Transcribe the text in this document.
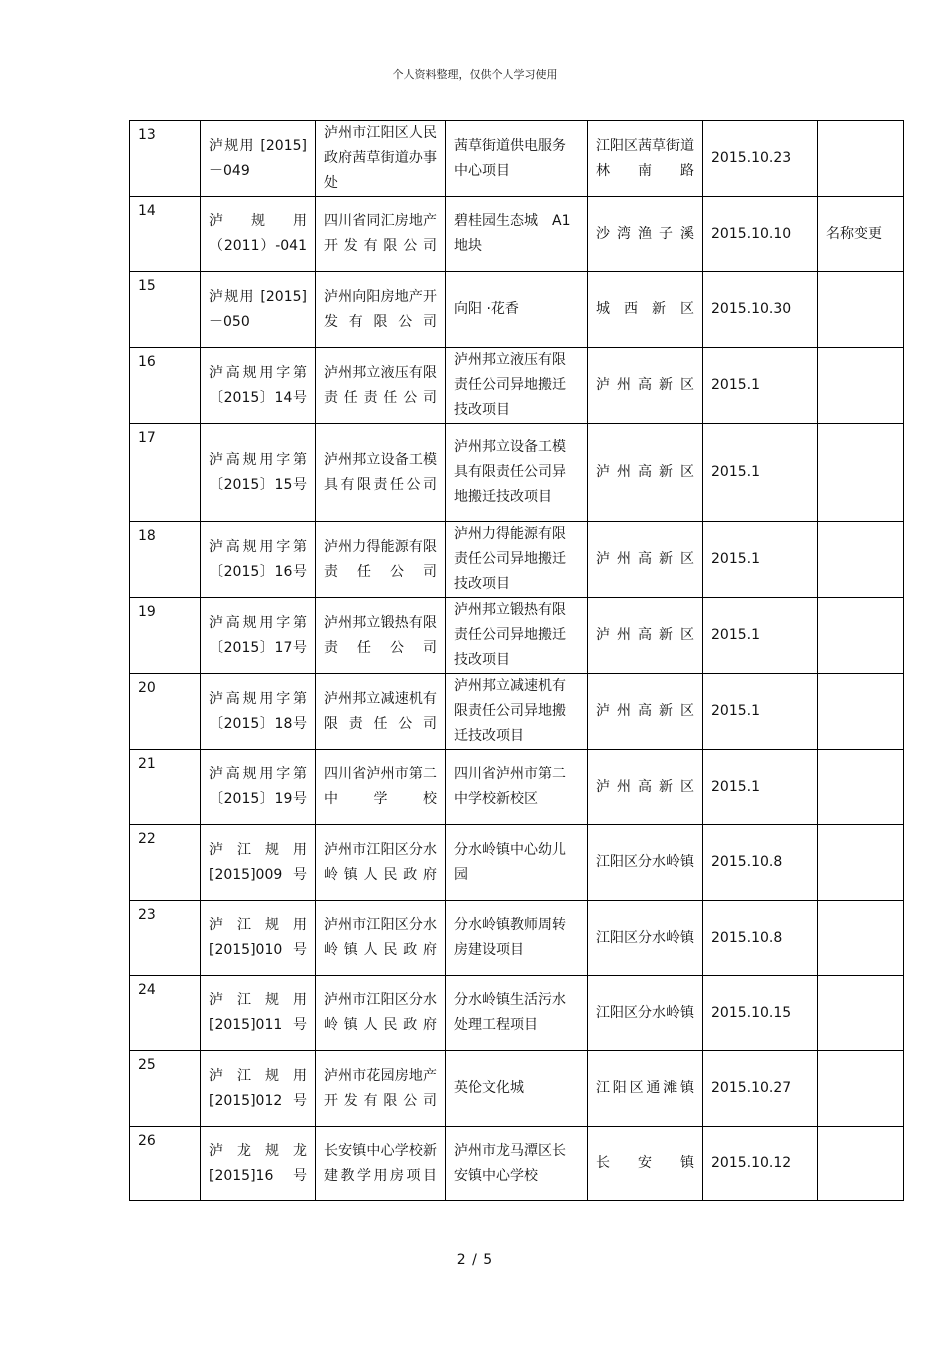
个人资料整理，仅供个人学习使用
13	泸规用 [2015] －049	泸州市江阳区人民政府茜草街道办事处	茜草街道供电服务中心项目	江阳区茜草街道林南路	2015.10.23	
14	泸　规　用 （2011）-041	四川省同汇房地产开发有限公司	碧桂园生态城　A1 地块	沙湾渔子溪	2015.10.10	名称变更
15	泸规用 [2015] －050	泸州向阳房地产开发有限公司	向阳 ·花香	城西新区	2015.10.30	
16	泸高规用字第〔2015〕14号	泸州邦立液压有限责任责任公司	泸州邦立液压有限责任公司异地搬迁技改项目	泸州高新区	2015.1	
17	泸高规用字第〔2015〕15号	泸州邦立设备工模具有限责任公司	泸州邦立设备工模具有限责任公司异地搬迁技改项目	泸州高新区	2015.1	
18	泸高规用字第〔2015〕16号	泸州力得能源有限责任公司	泸州力得能源有限责任公司异地搬迁技改项目	泸州高新区	2015.1	
19	泸高规用字第〔2015〕17号	泸州邦立锻热有限责任公司	泸州邦立锻热有限责任公司异地搬迁技改项目	泸州高新区	2015.1	
20	泸高规用字第〔2015〕18号	泸州邦立减速机有限责任公司	泸州邦立减速机有限责任公司异地搬迁技改项目	泸州高新区	2015.1	
21	泸高规用字第〔2015〕19号	四川省泸州市第二中学校	四川省泸州市第二中学校新校区	泸州高新区	2015.1	
22	泸　江　规　用 [2015]009 号	泸州市江阳区分水岭镇人民政府	分水岭镇中心幼儿园	江阳区分水岭镇	2015.10.8	
23	泸　江　规　用 [2015]010 号	泸州市江阳区分水岭镇人民政府	分水岭镇教师周转房建设项目	江阳区分水岭镇	2015.10.8	
24	泸　江　规　用 [2015]011 号	泸州市江阳区分水岭镇人民政府	分水岭镇生活污水处理工程项目	江阳区分水岭镇	2015.10.15	
25	泸　江　规　用 [2015]012 号	泸州市花园房地产开发有限公司	英伦文化城	江阳区通滩镇	2015.10.27	
26	泸　龙　规　龙 [2015]16 号	长安镇中心学校新建教学用房项目	泸州市龙马潭区长安镇中心学校	长安镇	2015.10.12	
2 / 5
